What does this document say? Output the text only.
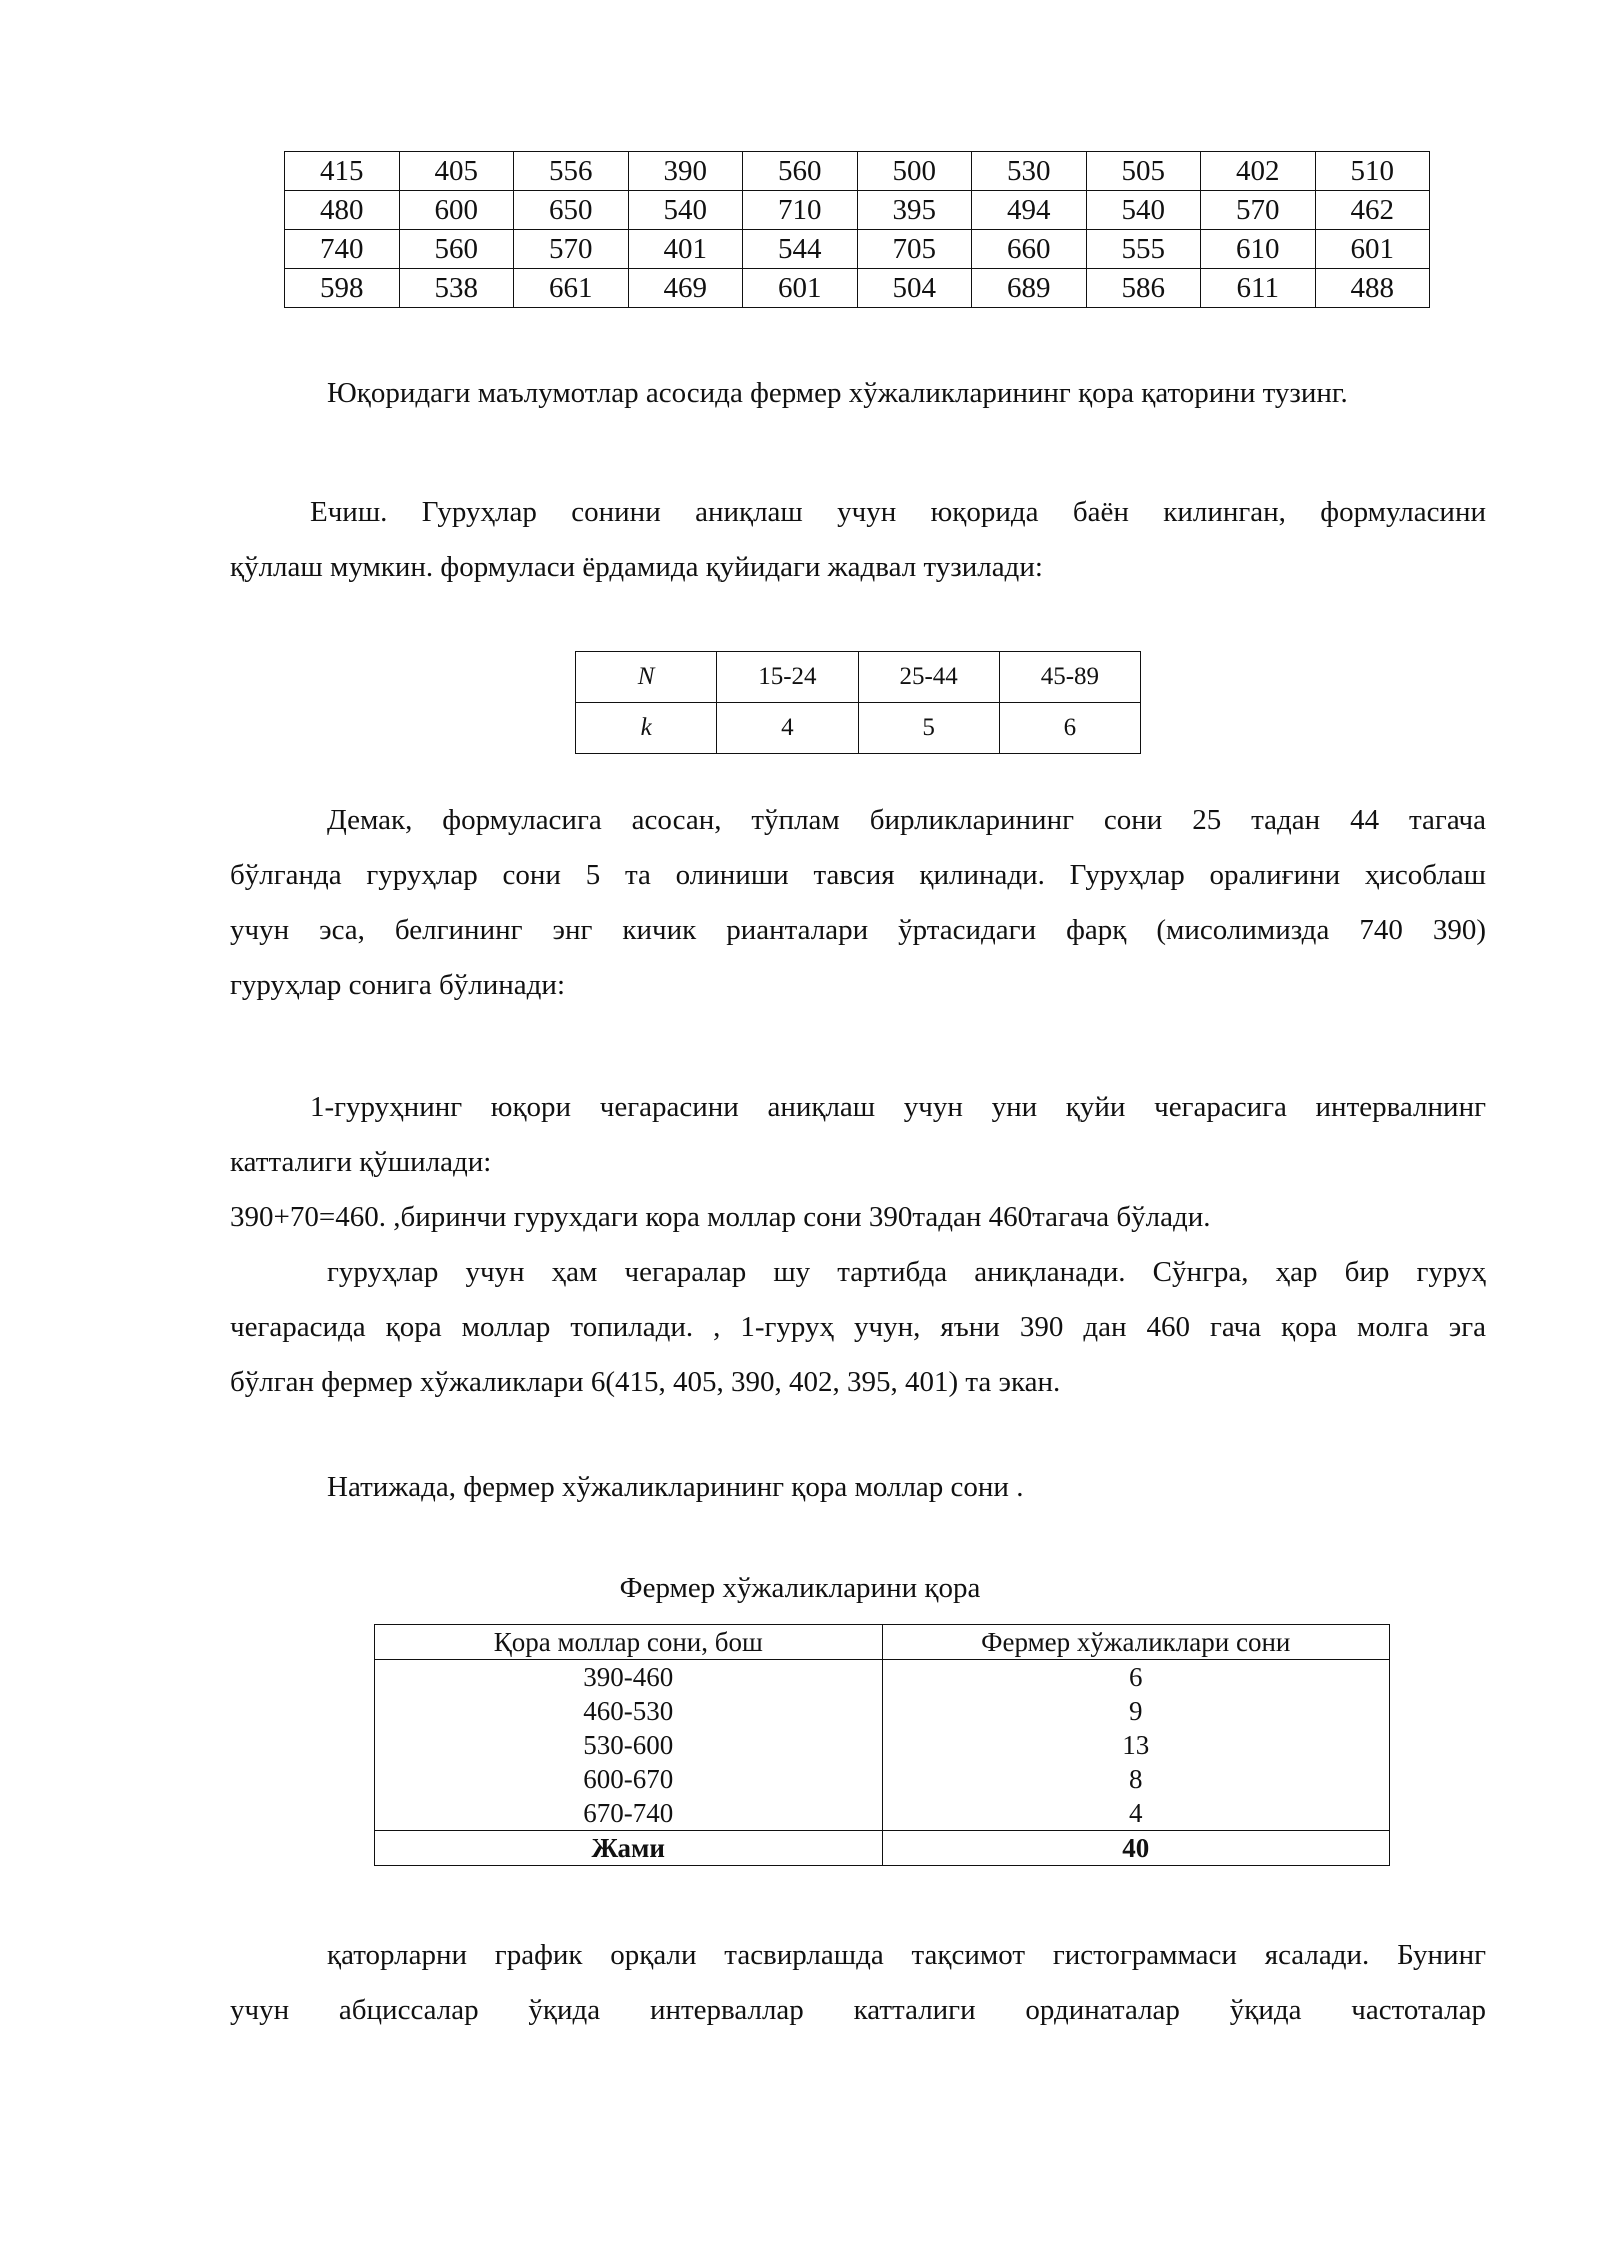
415	405	556	390	560	500	530	505	402	510
480	600	650	540	710	395	494	540	570	462
740	560	570	401	544	705	660	555	610	601
598	538	661	469	601	504	689	586	611	488

Юқоридаги маълумотлар асосида фермер хўжаликларининг қора қаторини тузинг.

Ечиш. Гуруҳлар сонини аниқлаш учун юқорида баён килинган, формуласини

қўллаш мумкин. формуласи ёрдамида қуйидаги жадвал тузилади:

N	15-24	25-44	45-89
k	4	5	6

Демак, формуласига асосан, тўплам бирликларининг сони 25 тадан 44 тагача

бўлганда гуруҳлар сони 5 та олиниши тавсия қилинади. Гуруҳлар оралиғини ҳисоблаш

учун эса, белгининг энг кичик рианталари ўртасидаги фарқ (мисолимизда 740 390)

гуруҳлар сонига бўлинади:

1-гуруҳнинг юқори чегарасини аниқлаш учун уни қуйи чегарасига интервалнинг

катталиги қўшилади:

390+70=460. ,биринчи гурухдаги кора моллар сони 390тадан 460тагача бўлади.

гуруҳлар учун ҳам чегаралар шу тартибда аниқланади. Сўнгра, ҳар бир гуруҳ

чегарасида қора моллар топилади. , 1-гуруҳ учун, яъни 390 дан 460 гача қора молга эга

бўлган фермер хўжаликлари 6(415, 405, 390, 402, 395, 401) та экан.

Натижада, фермер хўжаликларининг қора моллар сони .

Фермер хўжаликларини қора
Қора моллар сони, бош	Фермер хўжаликлари сони
390-460	6
460-530	9
530-600	13
600-670	8
670-740	4
Жами	40

қаторларни график орқали тасвирлашда тақсимот гистограммаси ясалади. Бунинг

учун абциссалар ўқида интерваллар катталиги ординаталар ўқида частоталар
